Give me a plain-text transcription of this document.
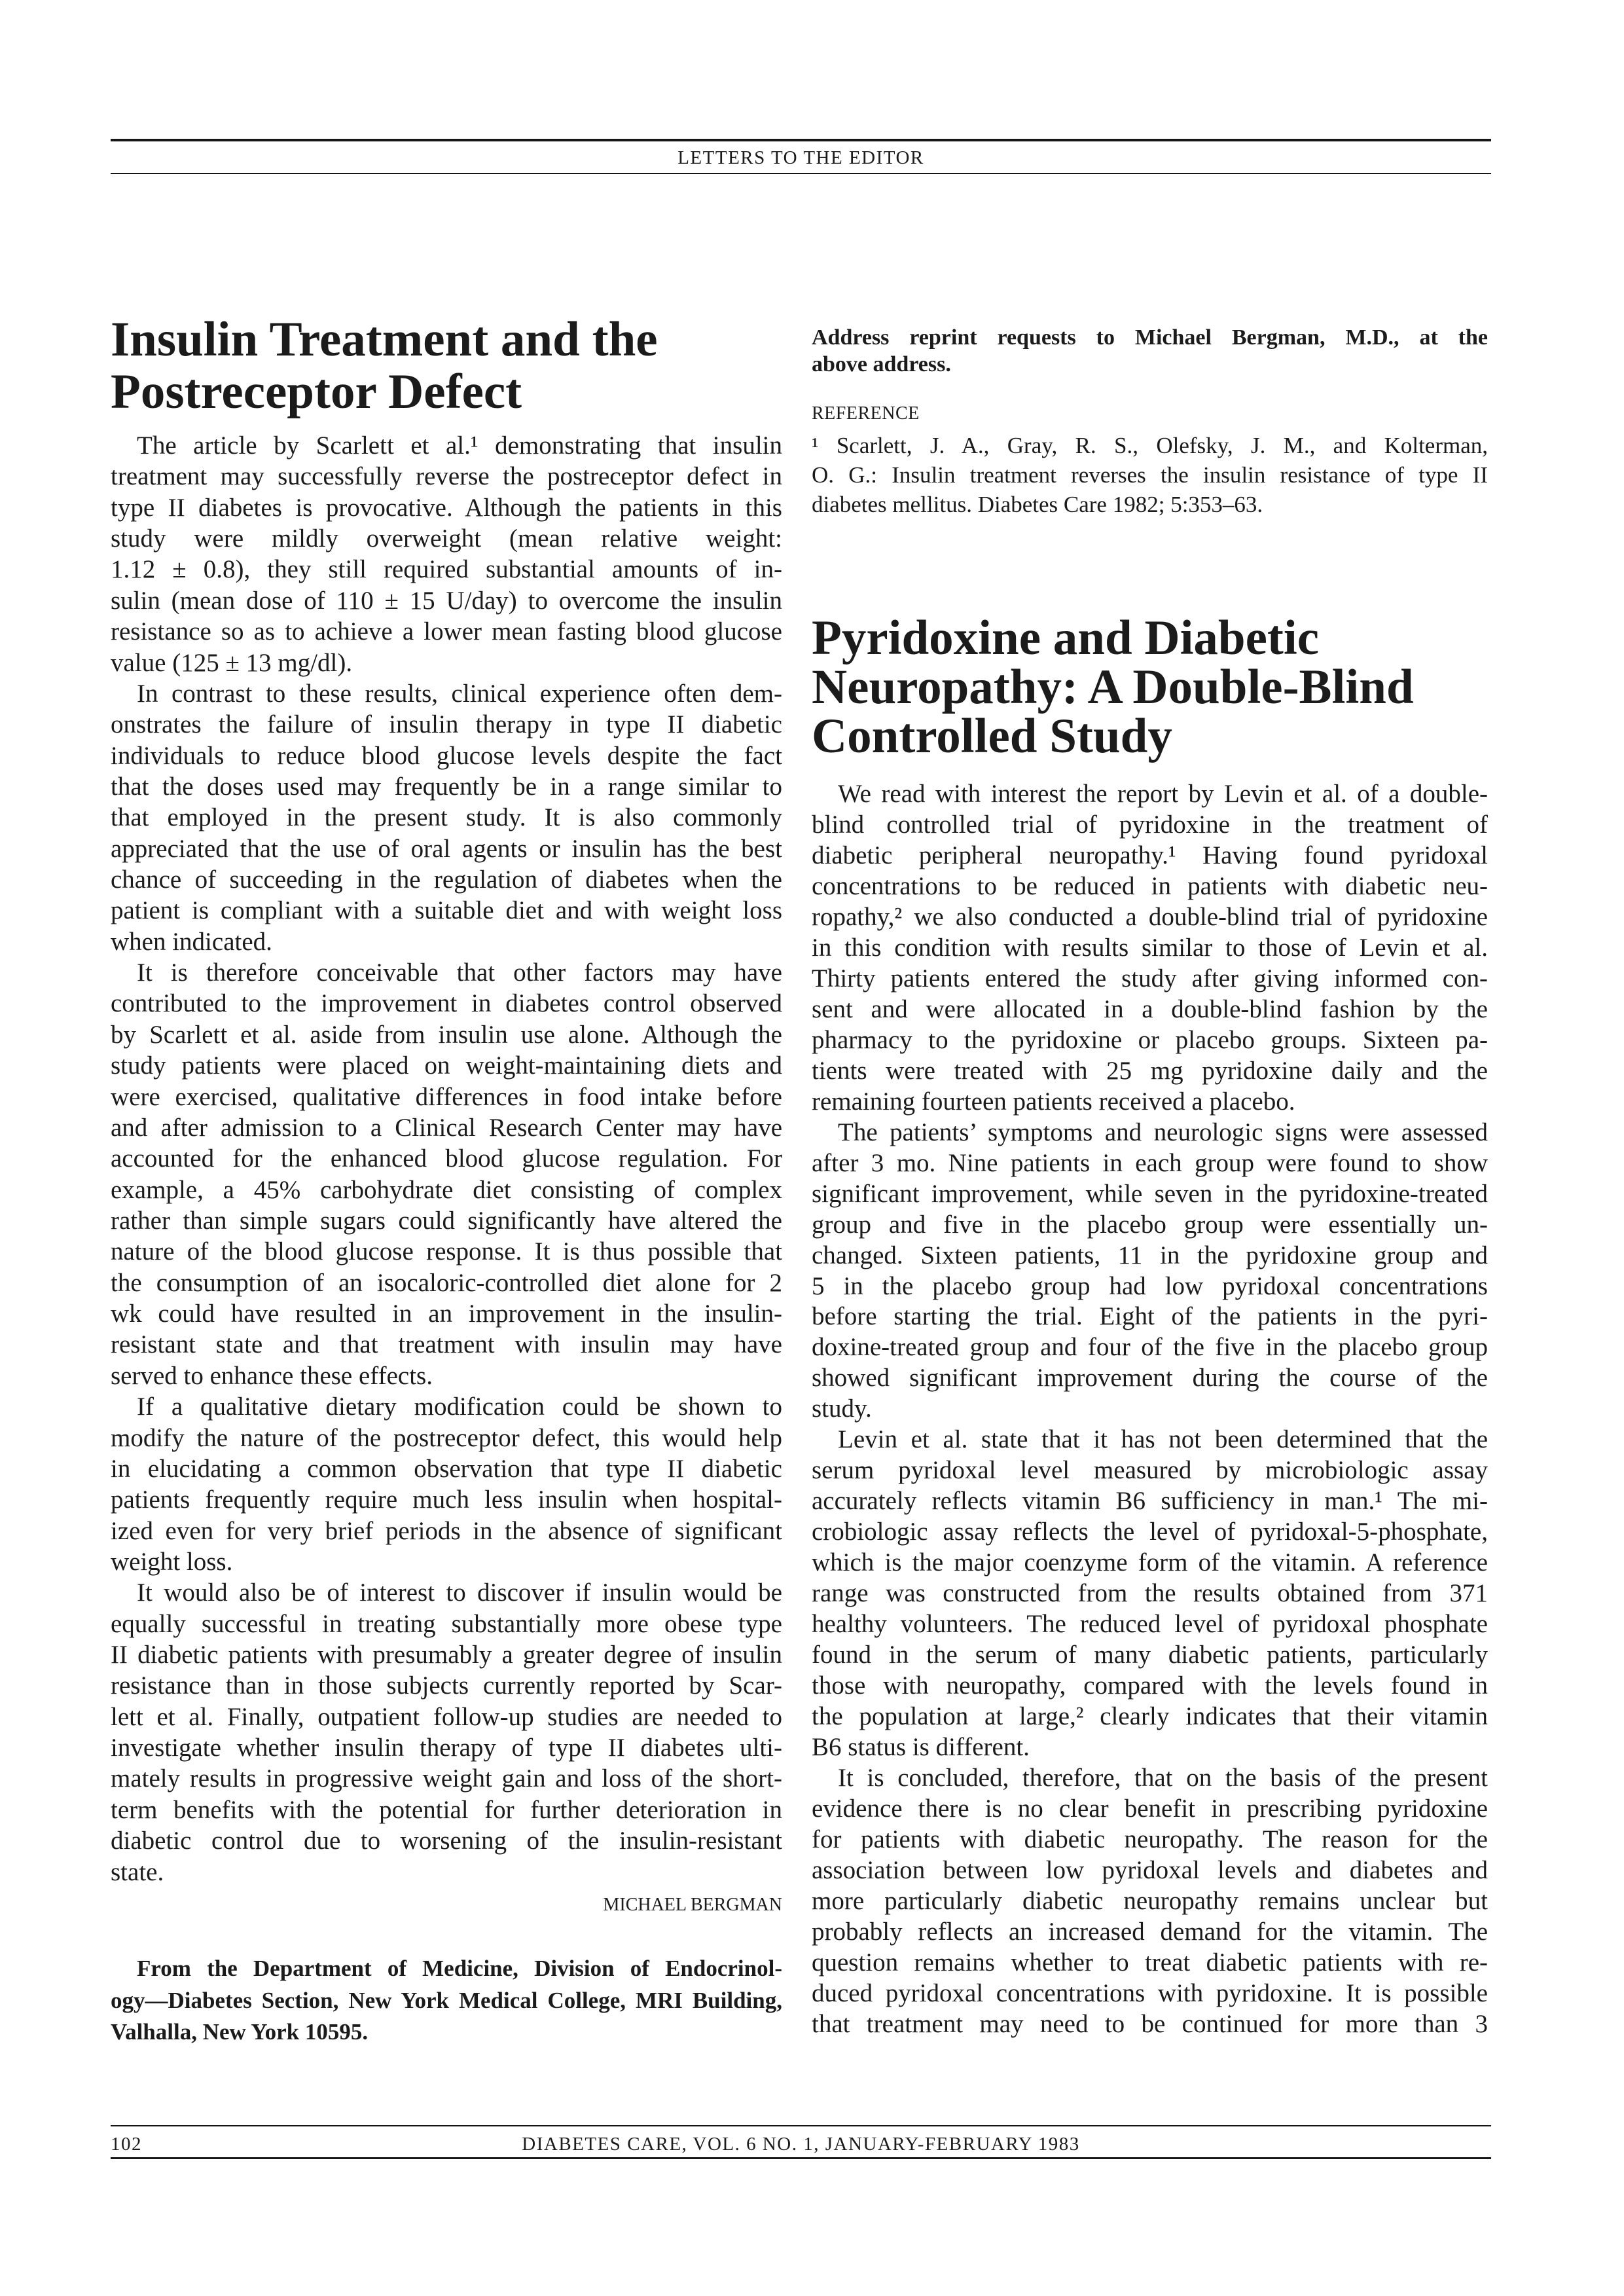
LETTERS TO THE EDITOR
Insulin Treatment and the
Postreceptor Defect
The article by Scarlett et al.¹ demonstrating that insulin
treatment may successfully reverse the postreceptor defect in
type II diabetes is provocative. Although the patients in this
study were mildly overweight (mean relative weight:
1.12 ± 0.8), they still required substantial amounts of in-
sulin (mean dose of 110 ± 15 U/day) to overcome the insulin
resistance so as to achieve a lower mean fasting blood glucose
value (125 ± 13 mg/dl).
In contrast to these results, clinical experience often dem-
onstrates the failure of insulin therapy in type II diabetic
individuals to reduce blood glucose levels despite the fact
that the doses used may frequently be in a range similar to
that employed in the present study. It is also commonly
appreciated that the use of oral agents or insulin has the best
chance of succeeding in the regulation of diabetes when the
patient is compliant with a suitable diet and with weight loss
when indicated.
It is therefore conceivable that other factors may have
contributed to the improvement in diabetes control observed
by Scarlett et al. aside from insulin use alone. Although the
study patients were placed on weight-maintaining diets and
were exercised, qualitative differences in food intake before
and after admission to a Clinical Research Center may have
accounted for the enhanced blood glucose regulation. For
example, a 45% carbohydrate diet consisting of complex
rather than simple sugars could significantly have altered the
nature of the blood glucose response. It is thus possible that
the consumption of an isocaloric-controlled diet alone for 2
wk could have resulted in an improvement in the insulin-
resistant state and that treatment with insulin may have
served to enhance these effects.
If a qualitative dietary modification could be shown to
modify the nature of the postreceptor defect, this would help
in elucidating a common observation that type II diabetic
patients frequently require much less insulin when hospital-
ized even for very brief periods in the absence of significant
weight loss.
It would also be of interest to discover if insulin would be
equally successful in treating substantially more obese type
II diabetic patients with presumably a greater degree of insulin
resistance than in those subjects currently reported by Scar-
lett et al. Finally, outpatient follow-up studies are needed to
investigate whether insulin therapy of type II diabetes ulti-
mately results in progressive weight gain and loss of the short-
term benefits with the potential for further deterioration in
diabetic control due to worsening of the insulin-resistant
state.
MICHAEL BERGMAN
From the Department of Medicine, Division of Endocrinol-
ogy—Diabetes Section, New York Medical College, MRI Building,
Valhalla, New York 10595.
Address reprint requests to Michael Bergman, M.D., at the
above address.
REFERENCE
¹ Scarlett, J. A., Gray, R. S., Olefsky, J. M., and Kolterman,
O. G.: Insulin treatment reverses the insulin resistance of type II
diabetes mellitus. Diabetes Care 1982; 5:353–63.
Pyridoxine and Diabetic
Neuropathy: A Double-Blind
Controlled Study
We read with interest the report by Levin et al. of a double-
blind controlled trial of pyridoxine in the treatment of
diabetic peripheral neuropathy.¹ Having found pyridoxal
concentrations to be reduced in patients with diabetic neu-
ropathy,² we also conducted a double-blind trial of pyridoxine
in this condition with results similar to those of Levin et al.
Thirty patients entered the study after giving informed con-
sent and were allocated in a double-blind fashion by the
pharmacy to the pyridoxine or placebo groups. Sixteen pa-
tients were treated with 25 mg pyridoxine daily and the
remaining fourteen patients received a placebo.
The patients’ symptoms and neurologic signs were assessed
after 3 mo. Nine patients in each group were found to show
significant improvement, while seven in the pyridoxine-treated
group and five in the placebo group were essentially un-
changed. Sixteen patients, 11 in the pyridoxine group and
5 in the placebo group had low pyridoxal concentrations
before starting the trial. Eight of the patients in the pyri-
doxine-treated group and four of the five in the placebo group
showed significant improvement during the course of the
study.
Levin et al. state that it has not been determined that the
serum pyridoxal level measured by microbiologic assay
accurately reflects vitamin B6 sufficiency in man.¹ The mi-
crobiologic assay reflects the level of pyridoxal-5-phosphate,
which is the major coenzyme form of the vitamin. A reference
range was constructed from the results obtained from 371
healthy volunteers. The reduced level of pyridoxal phosphate
found in the serum of many diabetic patients, particularly
those with neuropathy, compared with the levels found in
the population at large,² clearly indicates that their vitamin
B6 status is different.
It is concluded, therefore, that on the basis of the present
evidence there is no clear benefit in prescribing pyridoxine
for patients with diabetic neuropathy. The reason for the
association between low pyridoxal levels and diabetes and
more particularly diabetic neuropathy remains unclear but
probably reflects an increased demand for the vitamin. The
question remains whether to treat diabetic patients with re-
duced pyridoxal concentrations with pyridoxine. It is possible
that treatment may need to be continued for more than 3
102	DIABETES CARE, VOL. 6 NO. 1, JANUARY-FEBRUARY 1983
